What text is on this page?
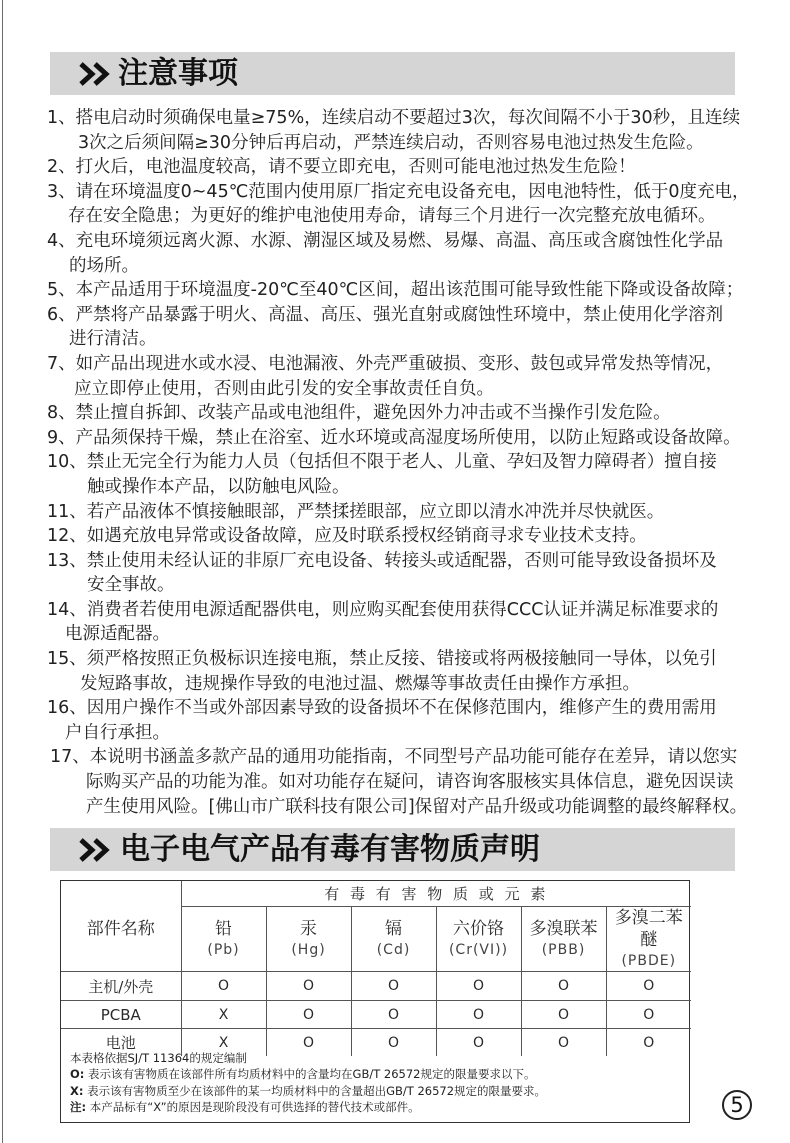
注意事项
1、搭电启动时须确保电量≥75%，连续启动不要超过3次，每次间隔不小于30秒，且连续
3次之后须间隔≥30分钟后再启动，严禁连续启动，否则容易电池过热发生危险。
2、打火后，电池温度较高，请不要立即充电，否则可能电池过热发生危险！
3、请在环境温度0~45℃范围内使用原厂指定充电设备充电，因电池特性，低于0度充电，
存在安全隐患；为更好的维护电池使用寿命，请每三个月进行一次完整充放电循环。
4、充电环境须远离火源、水源、潮湿区域及易燃、易爆、高温、高压或含腐蚀性化学品
的场所。
5、本产品适用于环境温度-20℃至40℃区间，超出该范围可能导致性能下降或设备故障；
6、严禁将产品暴露于明火、高温、高压、强光直射或腐蚀性环境中，禁止使用化学溶剂
进行清洁。
7、如产品出现进水或水浸、电池漏液、外壳严重破损、变形、鼓包或异常发热等情况，
应立即停止使用，否则由此引发的安全事故责任自负。
8、禁止擅自拆卸、改装产品或电池组件，避免因外力冲击或不当操作引发危险。
9、产品须保持干燥，禁止在浴室、近水环境或高湿度场所使用，以防止短路或设备故障。
10、禁止无完全行为能力人员（包括但不限于老人、儿童、孕妇及智力障碍者）擅自接
触或操作本产品，以防触电风险。
11、若产品液体不慎接触眼部，严禁揉搓眼部，应立即以清水冲洗并尽快就医。
12、如遇充放电异常或设备故障，应及时联系授权经销商寻求专业技术支持。
13、禁止使用未经认证的非原厂充电设备、转接头或适配器，否则可能导致设备损坏及
安全事故。
14、消费者若使用电源适配器供电，则应购买配套使用获得CCC认证并满足标准要求的
电源适配器。
15、须严格按照正负极标识连接电瓶，禁止反接、错接或将两极接触同一导体，以免引
发短路事故，违规操作导致的电池过温、燃爆等事故责任由操作方承担。
16、因用户操作不当或外部因素导致的设备损坏不在保修范围内，维修产生的费用需用
户自行承担。
17、本说明书涵盖多款产品的通用功能指南，不同型号产品功能可能存在差异，请以您实
际购买产品的功能为准。如对功能存在疑问，请咨询客服核实具体信息，避免因误读
产生使用风险。[佛山市广联科技有限公司]保留对产品升级或功能调整的最终解释权。
电子电气产品有毒有害物质声明
部件名称	有 毒 有 害 物 质 或 元 素					

	铅
(Pb)	汞
(Hg)	镉
(Cd)	六价铬
(Cr(VI))	多溴联苯
(PBB)	多溴二苯醚
(PBDE)

主机/外壳	O	O	O	O	O	O
PCBA	X	O	O	O	O	O
电池	X	O	O	O	O	O
本表格依据SJ/T 11364的规定编制
O: 表示该有害物质在该部件所有均质材料中的含量均在GB/T 26572规定的限量要求以下。
X: 表示该有害物质至少在该部件的某一均质材料中的含量超出GB/T 26572规定的限量要求。
注: 本产品标有“X”的原因是现阶段没有可供选择的替代技术或部件。	5
